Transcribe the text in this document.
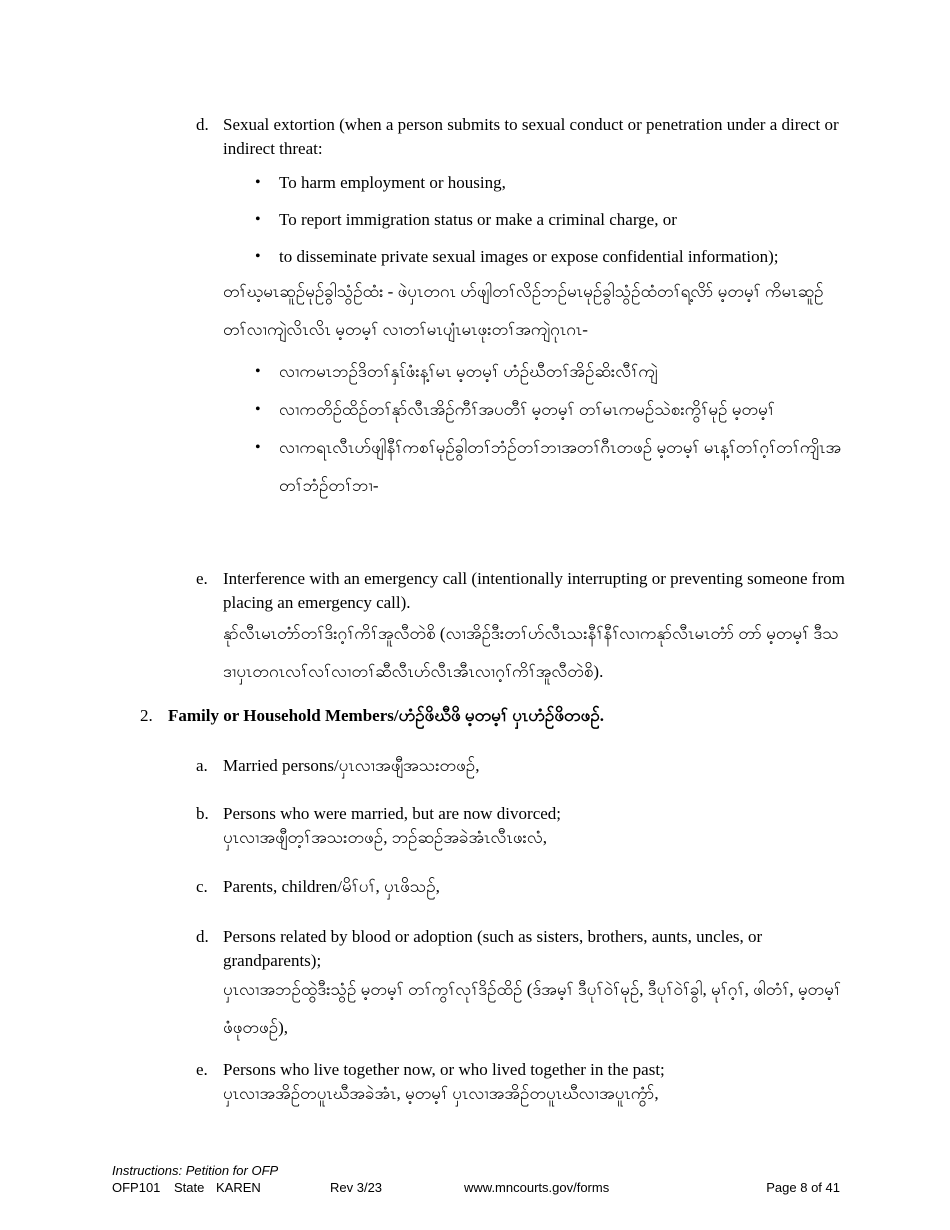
d. Sexual extortion (when a person submits to sexual conduct or penetration under a direct or indirect threat:
• To harm employment or housing,
• To report immigration status or make a criminal charge, or
• to disseminate private sexual images or expose confidential information);
တၢ်ဃ့မၤဆူဉ်မုဉ်ခွါသွံဉ်ထံး - ဖဲပှၤတဂၤ ဟ်ဖျါတၢ်လိဉ်ဘဉ်မၤမုဉ်ခွါသွံဉ်ထံတၢ်ရ့လိာ် မ့တမ့ၢ် ကိမၤဆူဉ်တၢ်လၢကျဲလိၤလိၤ မ့တမ့ၢ် လၢတၢ်မၤပျံၤမၤဖုးတၢ်အကျဲဂုၤဂၤ-
• လၢကမၤဘဉ်ဒိတၢ်နှၤ်ဖံးန့ၢ်မၤ မ့တမ့ၢ် ဟံဉ်ဃီတၢ်အိဉ်ဆိးလီၢ်ကျဲ
• လၢကတိဉ်ထိဉ်တၢ်နုာ်လီၤအိဉ်ကီၢ်အပတီၢ် မ့တမ့ၢ် တၢ်မၤကမဉ်သဲစးကွိၢ်မုဉ် မ့တမ့ၢ်
• လၢကရၤလီၤဟ်ဖျါနီၢ်ကစၢ်မုဉ်ခွါတၢ်ဘံဉ်တၢ်ဘၢအတၢ်ဂီၤတဖဉ် မ့တမ့ၢ် မၤန့ၢ်တၢ်ဂ့ၢ်တၢ်ကျိၤအတၢ်ဘံဉ်တၢ်ဘၢ-
e. Interference with an emergency call (intentionally interrupting or preventing someone from placing an emergency call).
နုာ်လီၤမၤတံာ်တၢ်ဒိးဂ့ၢ်ကိၢ်အူလီတဲစိ (လၢအိဉ်ဒီးတၢ်ဟ်လီၤသးနီၢ်နီၢ်လၢကနုာ်လီၤမၤတံာ် တာ် မ့တမ့ၢ် ဒီသဒၢပှၤတဂၤလၢ်လၢ်လၢတၢ်ဆီလီၤဟ်လီၤအီၤလၢဂ့ၢ်ကိၢ်အူလီတဲစိ).
2. Family or Household Members/ဟံဉ်ဖိဃီဖိ မ့တမ့ၢ် ပှၤဟံဉ်ဖိတဖဉ်.
a. Married persons/ပှၤလၢအဖျီအသးတဖဉ်,
b. Persons who were married, but are now divorced;
ပှၤလၢအဖျီတ့ၢ်အသးတဖဉ်, ဘဉ်ဆဉ်အခဲအံၤလီၤဖးလံ,
c. Parents, children/မိၢ်ပၢ်, ပှၤဖိသဉ်,
d. Persons related by blood or adoption (such as sisters, brothers, aunts, uncles, or grandparents);
ပှၤလၢအဘဉ်ထွဲဒီးသွံဉ် မ့တမ့ၢ် တၢ်ကွၢ်လုၢ်ဒိဉ်ထိဉ် (ဒ်အမ့ၢ် ဒီပုၢ်ဝဲၢ်မုဉ်, ဒီပုၢ်ဝဲၢ်ခွါ, မုၢ်ဂ့ၢ်, ဖါတံၢ်, မ့တမ့ၢ် ဖံဖုတဖဉ်),
e. Persons who live together now, or who lived together in the past;
ပှၤလၢအအိဉ်တပူၤဃီအခဲအံၤ, မ့တမ့ၢ် ပှၤလၢအအိဉ်တပူၤဃီလၢအပူၤကွံာ်,
Instructions: Petition for OFP
OFP101 State KAREN	Rev 3/23	www.mncourts.gov/forms	Page 8 of 41
